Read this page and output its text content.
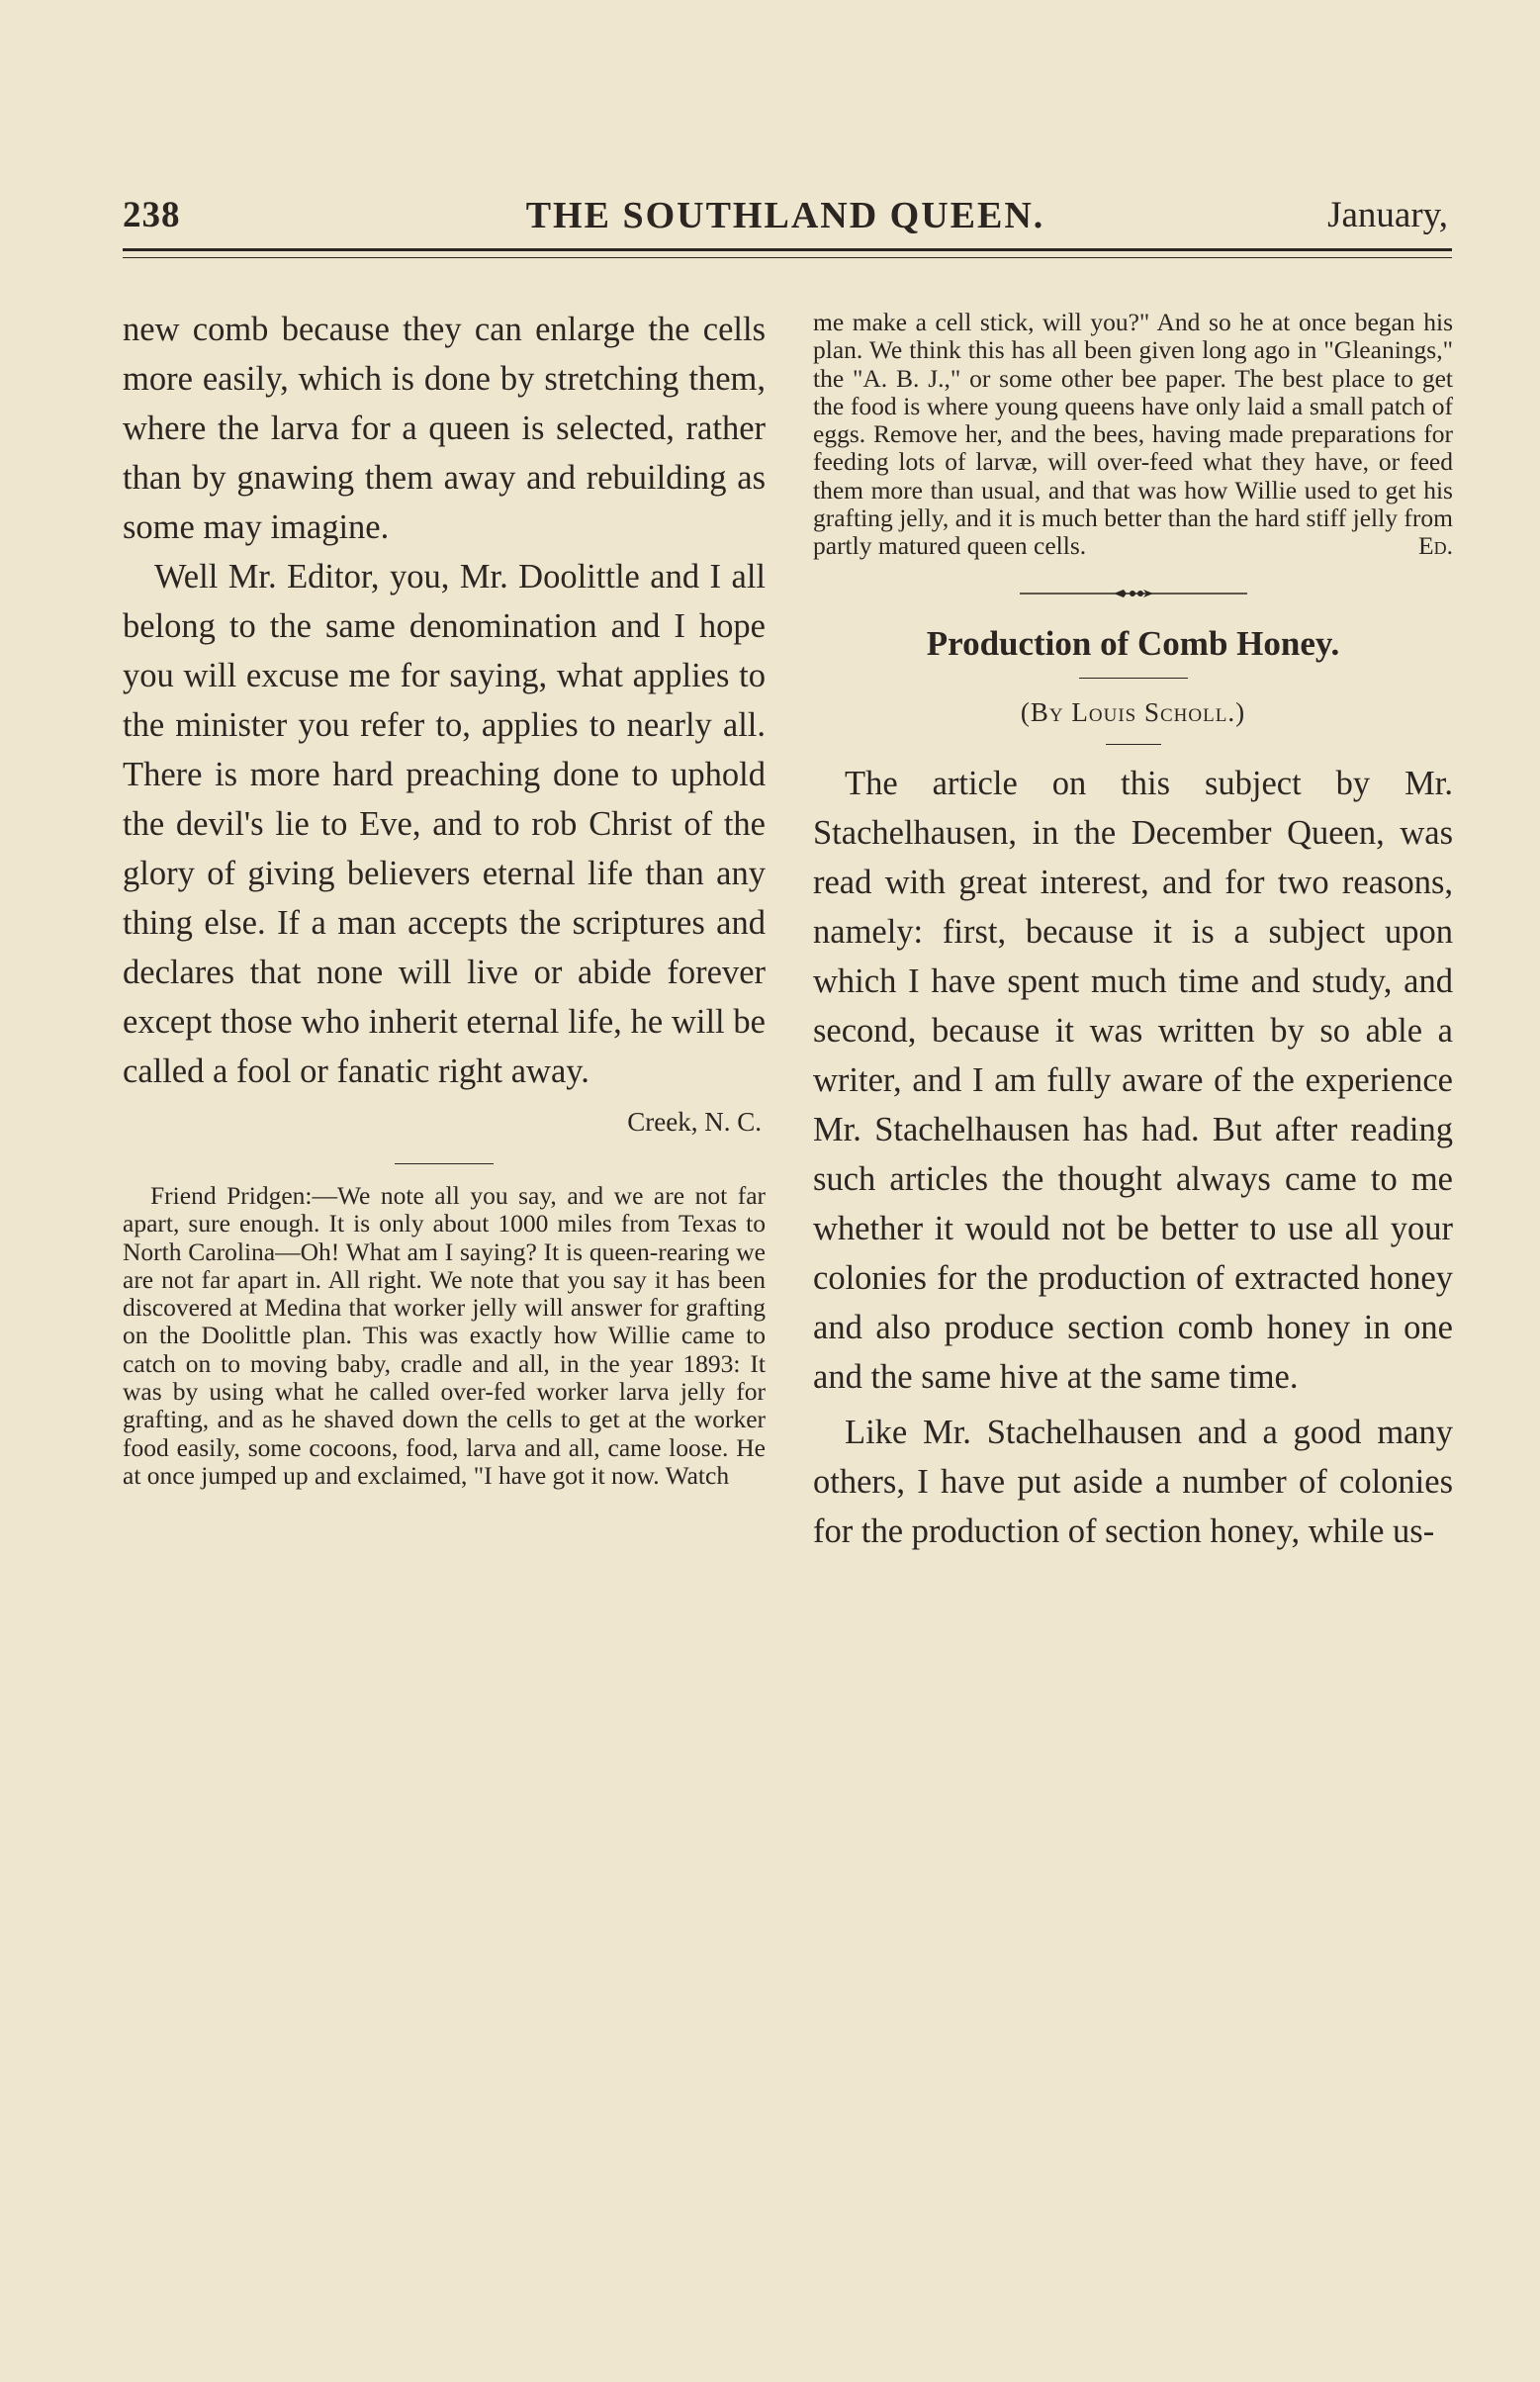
238	THE SOUTHLAND QUEEN.	January,

new comb because they can enlarge the cells more easily, which is done by stretching them, where the larva for a queen is selected, rather than by gnawing them away and rebuilding as some may imagine.

Well Mr. Editor, you, Mr. Doolittle and I all belong to the same denomination and I hope you will excuse me for saying, what applies to the minister you refer to, applies to nearly all. There is more hard preaching done to uphold the devil's lie to Eve, and to rob Christ of the glory of giving believers eternal life than any thing else. If a man accepts the scriptures and declares that none will live or abide forever except those who inherit eternal life, he will be called a fool or fanatic right away.

Creek, N. C.

Friend Pridgen:—We note all you say, and we are not far apart, sure enough. It is only about 1000 miles from Texas to North Carolina—Oh! What am I saying? It is queen-rearing we are not far apart in. All right. We note that you say it has been discovered at Medina that worker jelly will answer for grafting on the Doolittle plan. This was exactly how Willie came to catch on to moving baby, cradle and all, in the year 1893: It was by using what he called over-fed worker larva jelly for grafting, and as he shaved down the cells to get at the worker food easily, some cocoons, food, larva and all, came loose. He at once jumped up and exclaimed, "I have got it now. Watch

me make a cell stick, will you?" And so he at once began his plan. We think this has all been given long ago in "Gleanings," the "A. B. J.," or some other bee paper. The best place to get the food is where young queens have only laid a small patch of eggs. Remove her, and the bees, having made preparations for feeding lots of larvæ, will over-feed what they have, or feed them more than usual, and that was how Willie used to get his grafting jelly, and it is much better than the hard stiff jelly from partly matured queen cells.	Ed.

Production of Comb Honey.

(By Louis Scholl.)

The article on this subject by Mr. Stachelhausen, in the December Queen, was read with great interest, and for two reasons, namely: first, because it is a subject upon which I have spent much time and study, and second, because it was written by so able a writer, and I am fully aware of the experience Mr. Stachelhausen has had. But after reading such articles the thought always came to me whether it would not be better to use all your colonies for the production of extracted honey and also produce section comb honey in one and the same hive at the same time.

Like Mr. Stachelhausen and a good many others, I have put aside a number of colonies for the production of section honey, while us-
